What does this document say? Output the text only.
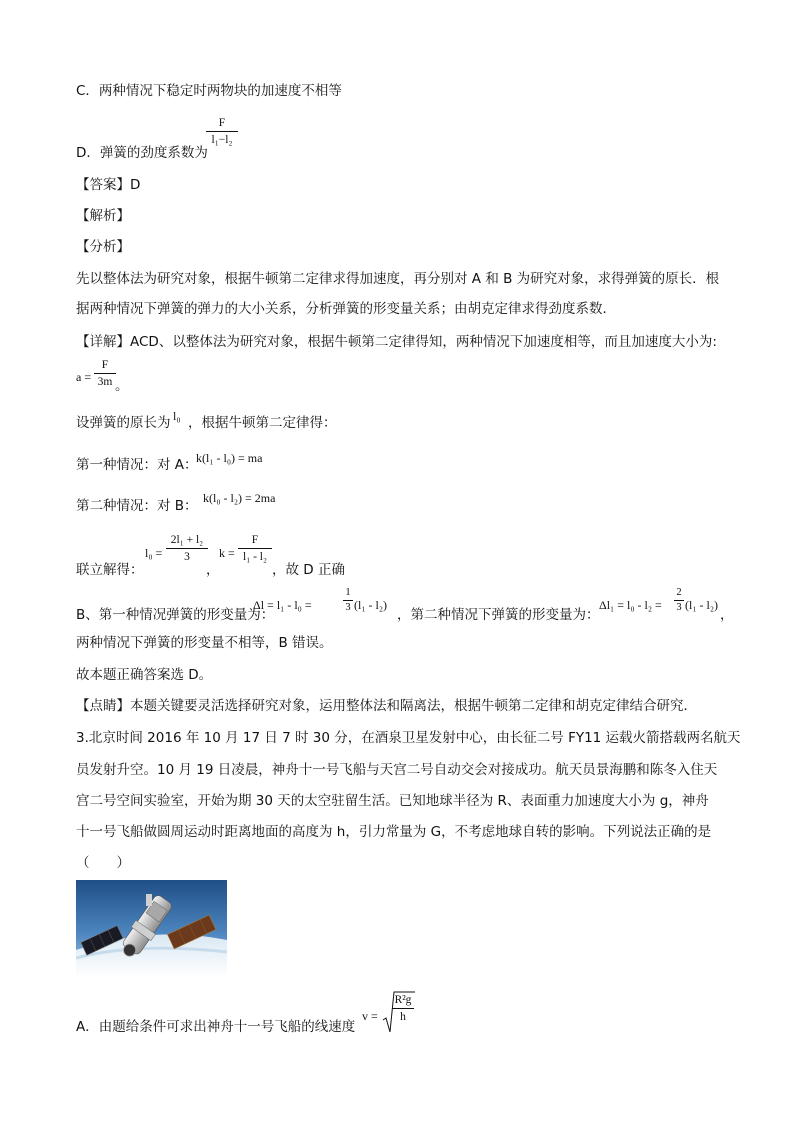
C．两种情况下稳定时两物块的加速度不相等
F
l₁−l₂
D．弹簧的劲度系数为
【答案】D
【解析】
【分析】
先以整体法为研究对象，根据牛顿第二定律求得加速度，再分别对 A 和 B 为研究对象，求得弹簧的原长．根
据两种情况下弹簧的弹力的大小关系，分析弹簧的形变量关系；由胡克定律求得劲度系数．
【详解】ACD、以整体法为研究对象，根据牛顿第二定律得知，两种情况下加速度相等，而且加速度大小为:
a =
F
3m 。
设弹簧的原长为 l₀ ，根据牛顿第二定律得：
第一种情况：对 A：
k(l₁ - l₀) = ma
第二种情况：对 B： k(l₀ - l₂) = 2ma
联立解得：
l₀ =
2l₁ + l₂
3
，
k =
F
l₁ - l₂
，故 D 正确
B、第一种情况弹簧的形变量为：
Δl = l₁ - l₀ =
1
3 (l₁ - l₂)
，第二种情况下弹簧的形变量为：
Δl₁ = l₀ - l₂ =
2
3 (l₁ - l₂)
，
两种情况下弹簧的形变量不相等，B 错误。
故本题正确答案选 D。
【点睛】本题关键要灵活选择研究对象，运用整体法和隔离法，根据牛顿第二定律和胡克定律结合研究．
3.北京时间 2016 年 10 月 17 日 7 时 30 分，在酒泉卫星发射中心，由长征二号 FY11 运载火箭搭载两名航天
员发射升空。10 月 19 日凌晨，神舟十一号飞船与天宫二号自动交会对接成功。航天员景海鹏和陈冬入住天
宫二号空间实验室，开始为期 30 天的太空驻留生活。已知地球半径为 R、表面重力加速度大小为 g，神舟
十一号飞船做圆周运动时距离地面的高度为 h，引力常量为 G，不考虑地球自转的影响。下列说法正确的是
（　　）
A．由题给条件可求出神舟十一号飞船的线速度
v =
R²g
h
